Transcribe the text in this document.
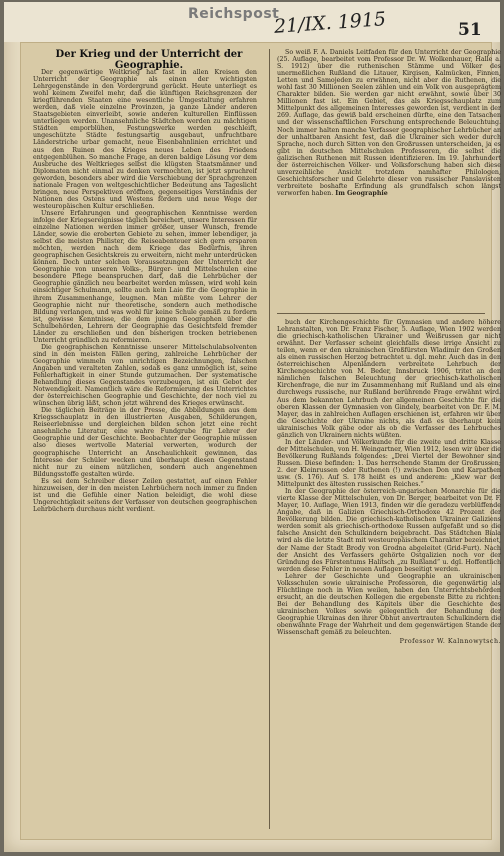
Reichspost
21/IX. 1915	51
Der Krieg und der Unterricht der
Geographie.

Der gegenwärtige Weltkrieg hat fast in allen Kreisen den Unterricht der Geographie als einen der wichtigsten Lehrgegenstände in den Vordergrund gerückt. Heute unterliegt es wohl keinem Zweifel mehr, daß die künftigen Reichsgrenzen der kriegführenden Staaten eine wesentliche Umgestaltung erfahren werden, daß viele einzelne Provinzen, ja ganze Länder anderen Staatsgebieten einverleibt, sowie anderen kulturellen Einflüssen unterliegen werden. Unansehnliche Städtchen werden zu mächtigen Städten emporblühen, Festungswerke werden geschleift, ungeschützte Städte festungsartig ausgebaut, unfruchtbare Länderstriche urbar gemacht, neue Eisenbahnlinien errichtet und aus den Ruinen des Krieges neues Leben des Friedens entgegenblühen. So manche Frage, an deren baldige Lösung vor dem Ausbruche des Weltkrieges selbst die klügsten Staatsmänner und Diplomaten nicht einmal zu denken vermochten, ist jetzt spruchreif geworden, besonders aber wird die Verschiebung der Sprachgrenzen nationale Fragen von weltgeschichtlicher Bedeutung ans Tageslicht bringen, neue Perspektiven eröffnen, gegenseitiges Verständnis der Nationen des Ostens und Westens fördern und neue Wege der westeuropäischen Kultur erschließen.

Unsere Erfahrungen und geographischen Kenntnisse werden infolge der Kriegsereignisse täglich bereichert, unsere Interessen für einzelne Nationen werden immer größer, unser Wunsch, fremde Länder, sowie die eroberten Gebiete zu sehen, immer lebendiger, ja selbst die meisten Philister, die Reiseabenteuer sich gern ersparen möchten, werden nach dem Kriege das Bedürfnis, ihren geographischen Gesichtskreis zu erweitern, nicht mehr unterdrücken können. Doch unter solchen Voraussetzungen der Unterricht der Geographie von unseren Volks-, Bürger- und Mittelschulen eine besondere Pflege beanspruchen darf, daß die Lehrbücher der Geographie gänzlich neu bearbeitet werden müssen, wird wohl kein einsichtiger Schulmann, sollte auch kein Laie für die Geographie in ihrem Zusammenhange, leugnen. Man müßte vom Lehrer der Geographie nicht nur theoretische, sondern auch methodische Bildung verlangen, und was wohl für keine Schule gemäß zu fordern ist, gewisse Kenntnisse, die dem jungen Geographen über die Schulbehörden, Lehrern der Geographie das Gesichtsfeld fremder Länder zu erschließen und den bisherigen trocken betriebenen Unterricht gründlich zu reformieren.

Die geographischen Kenntnisse unserer Mittelschulabsolventen sind in den meisten Fällen gering, zahlreiche Lehrbücher der Geographie wimmeln von unrichtigen Bezeichnungen, falschen Angaben und veralteten Zahlen, sodaß es ganz unmöglich ist, seine Fehlerhaftigkeit in einer Stunde gutzumachen. Der systematische Behandlung dieses Gegenstandes vorzubeugen, ist ein Gebot der Notwendigkeit. Namentlich wäre die Reformierung des Unterrichtes der österreichischen Geographie und Geschichte, der noch viel zu wünschen übrig läßt, schon jetzt während des Krieges erwünscht.

Die täglichen Beiträge in der Presse, die Abbildungen aus dem Kriegsschauplatz in den illustrierten Ausgaben, Schilderungen, Reiseerlebnisse und dergleichen bilden schon jetzt eine recht ansehnliche Literatur, eine wahre Fundgrube für Lehrer der Geographie und der Geschichte. Beobachter der Geographie müssen also dieses wertvolle Material verwerten, wodurch der geographische Unterricht an Anschaulichkeit gewinnen, das Interesse der Schüler wecken und überhaupt diesen Gegenstand nicht nur zu einem nützlichen, sondern auch angenehmen Bildungsstoffe gestalten würde.

Es sei dem Schreiber dieser Zeilen gestattet, auf einen Fehler hinzuweisen, der in den meisten Lehrbüchern noch immer zu finden ist und die Gefühle einer Nation beleidigt, die wohl diese Ungerechtigkeit seitens der Verfasser von deutschen geographischen Lehrbüchern durchaus nicht verdient.

So weiß F. A. Daniels Leitfaden für den Unterricht der Geographie (25. Auflage, bearbeitet vom Professor Dr. W. Wolkenhauer, Halle a. S. 1912) über die ruthenischen Stämme und Völker des unermeßlichen Rußland die Litauer, Kirgisen, Kalmücken, Finnen, Letten und Samojeden zu erwähnen, nicht aber die Ruthenen, die wohl fast 30 Millionen Seelen zählen und ein Volk von ausgeprägtem Charakter bilden. Sie werden gar nicht erwähnt, sowie über 30 Millionen fast ist. Ein Gebiet, das als Kriegsschauplatz zum Mittelpunkt des allgemeinen Interesses geworden ist, verdient in der 269. Auflage, das gewiß bald erscheinen dürfte, eine den Tatsachen und der wissenschaftlichen Forschung entsprechende Beleuchtung. Noch immer halten manche Verfasser geographischer Lehrbücher an der unhaltbaren Ansicht fest, daß die Ukrainer sich weder durch Sprache, noch durch Sitten von den Großrussen unterscheiden, ja es gibt in deutschen Mittelschulen Professoren, die selbst die galizischen Ruthenen mit Russen identifizieren. Im 19. Jahrhundert der österreichischen Völker- und Volksforschung haben sich diese unverzeihliche Ansicht trotzdem namhafter Philologen, Geschichtsforscher und Gelehrte dieser von russischer Panslavisten verbreitete boshafte Erfindung als grundfalsch schon längst verworfen haben. Im Geographie

buch der Kirchengeschichte für Gymnasien und andere höhere Lehranstalten, von Dr. Franz Fischer, 5. Auflage, Wien 1902 werden die griechisch-katholischen Ukrainer und Weißrussen gar nicht erwähnt. Der Verfasser scheint gleichfalls diese irrige Ansicht zu teilen, wenn er den ukrainischen Großfürsten Wladimir den Großen als einen russischen Herzog betrachtet u. dgl. mehr. Auch das in den österreichischen Alpenländern verbreitete Lehrbuch der Kirchengeschichte von M. Beder, Innsbruck 1906, tritet an den nämlichen falschen Beleuchtung der griechisch-katholischen Kirchenfrage, die nur im Zusammenhang mit Rußland und als eine durchwegs russische, nur Rußland berührende Frage erwähnt wird. Aus dem bekannten Lehrbuch der allgemeinen Geschichte für die oberen Klassen der Gymnasien von Gindely, bearbeitet von Dr. F. M. Mayer, das in zahlreichen Auflagen erschienen ist, erfahren wir über die Geschichte der Ukraine nichts, als daß es überhaupt kein ukrainisches Volk gäbe oder als ob die Verfasser des Lehrbuches gänzlich von Ukrainern nichts wüßten.

In der Länder- und Völkerkunde für die zweite und dritte Klasse der Mittelschulen, von H. Weingartner, Wien 1912, lesen wir über die Bevölkerung Rußlands folgendes: „Drei Viertel der Bewohner sind Russen. Diese befinden: 1. Das herrschende Stamm der Großrussen; 2. der Kleinrussen oder Ruthenen (!) zwischen Don und Karpathen usw. (S. 176). Auf S. 178 heißt es und anderem: „Kiew war der Mittelpunkt des ältesten russischen Reiches.“

In der Geographie der österreich-ungarischen Monarchie für die vierte Klasse der Mittelschulen, von Dr. Berger, bearbeitet von Dr. F. Mayer, 10. Auflage, Wien 1913, finden wir die geradezu verblüffende Angabe, daß in Galizien Griechisch-Orthodoxe 42 Prozent der Bevölkerung bilden. Die griechisch-katholischen Ukrainer Galiziens werden somit als griechisch-orthodoxe Russen aufgefaßt und so die falsche Ansicht den Schulkindern beigebracht. Das Städtchen Biala wird als die letzte Stadt mit westeuropäischem Charakter bezeichnet, der Name der Stadt Brody von Grodna abgeleitet (Grid-Furt). Nach der Ansicht des Verfassers gehörte Ostgalizien noch vor der Gründung des Fürstentums Halitsch „zu Rußland“ u. dgl. Hoffentlich werden diese Fehler in neuen Auflagen beseitigt werden.

Lehrer der Geschichte und Geographie an ukrainischen Volksschulen sowie ukrainische Professoren, die gegenwärtig als Flüchtlinge noch in Wien weilen, haben den Unterrichtsbehörden ersucht, an die deutschen Kollegen die ergebenste Bitte zu richten: Bei der Behandlung des Kapitels über die Geschichte des ukrainischen Volkes sowie gelegentlich der Behandlung der Geographie Ukrainas den ihrer Obhut anvertrauten Schulkindern die obenwähnte Frage der Wahrheit und dem gegenwärtigen Stande der Wissenschaft gemäß zu beleuchten.

Professor W. Kalnnowytsch.
